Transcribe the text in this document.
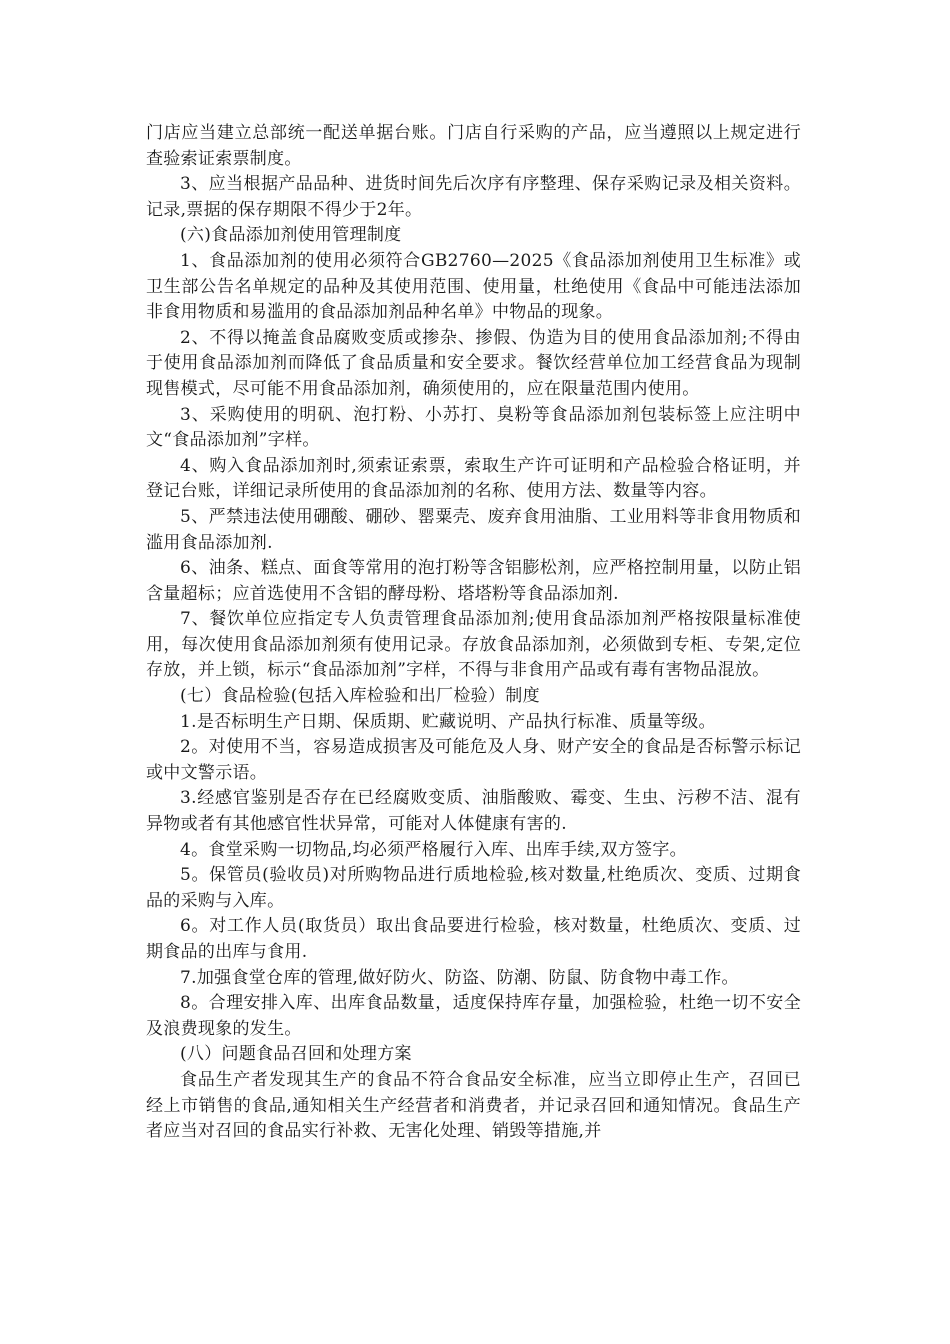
门店应当建立总部统一配送单据台账。门店自行采购的产品，应当遵照以上规定进行查验索证索票制度。

3、应当根据产品品种、进货时间先后次序有序整理、保存采购记录及相关资料。记录,票据的保存期限不得少于2年。

(六)食品添加剂使用管理制度

1、食品添加剂的使用必须符合GB2760—2025《食品添加剂使用卫生标准》或卫生部公告名单规定的品种及其使用范围、使用量，杜绝使用《食品中可能违法添加非食用物质和易滥用的食品添加剂品种名单》中物品的现象。

2、不得以掩盖食品腐败变质或掺杂、掺假、伪造为目的使用食品添加剂;不得由于使用食品添加剂而降低了食品质量和安全要求。餐饮经营单位加工经营食品为现制现售模式，尽可能不用食品添加剂，确须使用的，应在限量范围内使用。

3、采购使用的明矾、泡打粉、小苏打、臭粉等食品添加剂包装标签上应注明中文“食品添加剂”字样。

4、购入食品添加剂时,须索证索票，索取生产许可证明和产品检验合格证明，并登记台账，详细记录所使用的食品添加剂的名称、使用方法、数量等内容。

5、严禁违法使用硼酸、硼砂、罂粟壳、废弃食用油脂、工业用料等非食用物质和滥用食品添加剂.

6、油条、糕点、面食等常用的泡打粉等含铝膨松剂，应严格控制用量，以防止铝含量超标；应首选使用不含铝的酵母粉、塔塔粉等食品添加剂.

7、餐饮单位应指定专人负责管理食品添加剂;使用食品添加剂严格按限量标准使用，每次使用食品添加剂须有使用记录。存放食品添加剂，必须做到专柜、专架,定位存放，并上锁，标示“食品添加剂”字样，不得与非食用产品或有毒有害物品混放。

(七）食品检验(包括入库检验和出厂检验）制度

1.是否标明生产日期、保质期、贮藏说明、产品执行标准、质量等级。

2。对使用不当，容易造成损害及可能危及人身、财产安全的食品是否标警示标记或中文警示语。

3.经感官鉴别是否存在已经腐败变质、油脂酸败、霉变、生虫、污秽不洁、混有异物或者有其他感官性状异常，可能对人体健康有害的.

4。食堂采购一切物品,均必须严格履行入库、出库手续,双方签字。

5。保管员(验收员)对所购物品进行质地检验,核对数量,杜绝质次、变质、过期食品的采购与入库。

6。对工作人员(取货员）取出食品要进行检验，核对数量，杜绝质次、变质、过期食品的出库与食用.

7.加强食堂仓库的管理,做好防火、防盗、防潮、防鼠、防食物中毒工作。

8。合理安排入库、出库食品数量，适度保持库存量，加强检验，杜绝一切不安全及浪费现象的发生。

(八）问题食品召回和处理方案

食品生产者发现其生产的食品不符合食品安全标准，应当立即停止生产，召回已经上市销售的食品,通知相关生产经营者和消费者，并记录召回和通知情况。食品生产者应当对召回的食品实行补救、无害化处理、销毁等措施,并
